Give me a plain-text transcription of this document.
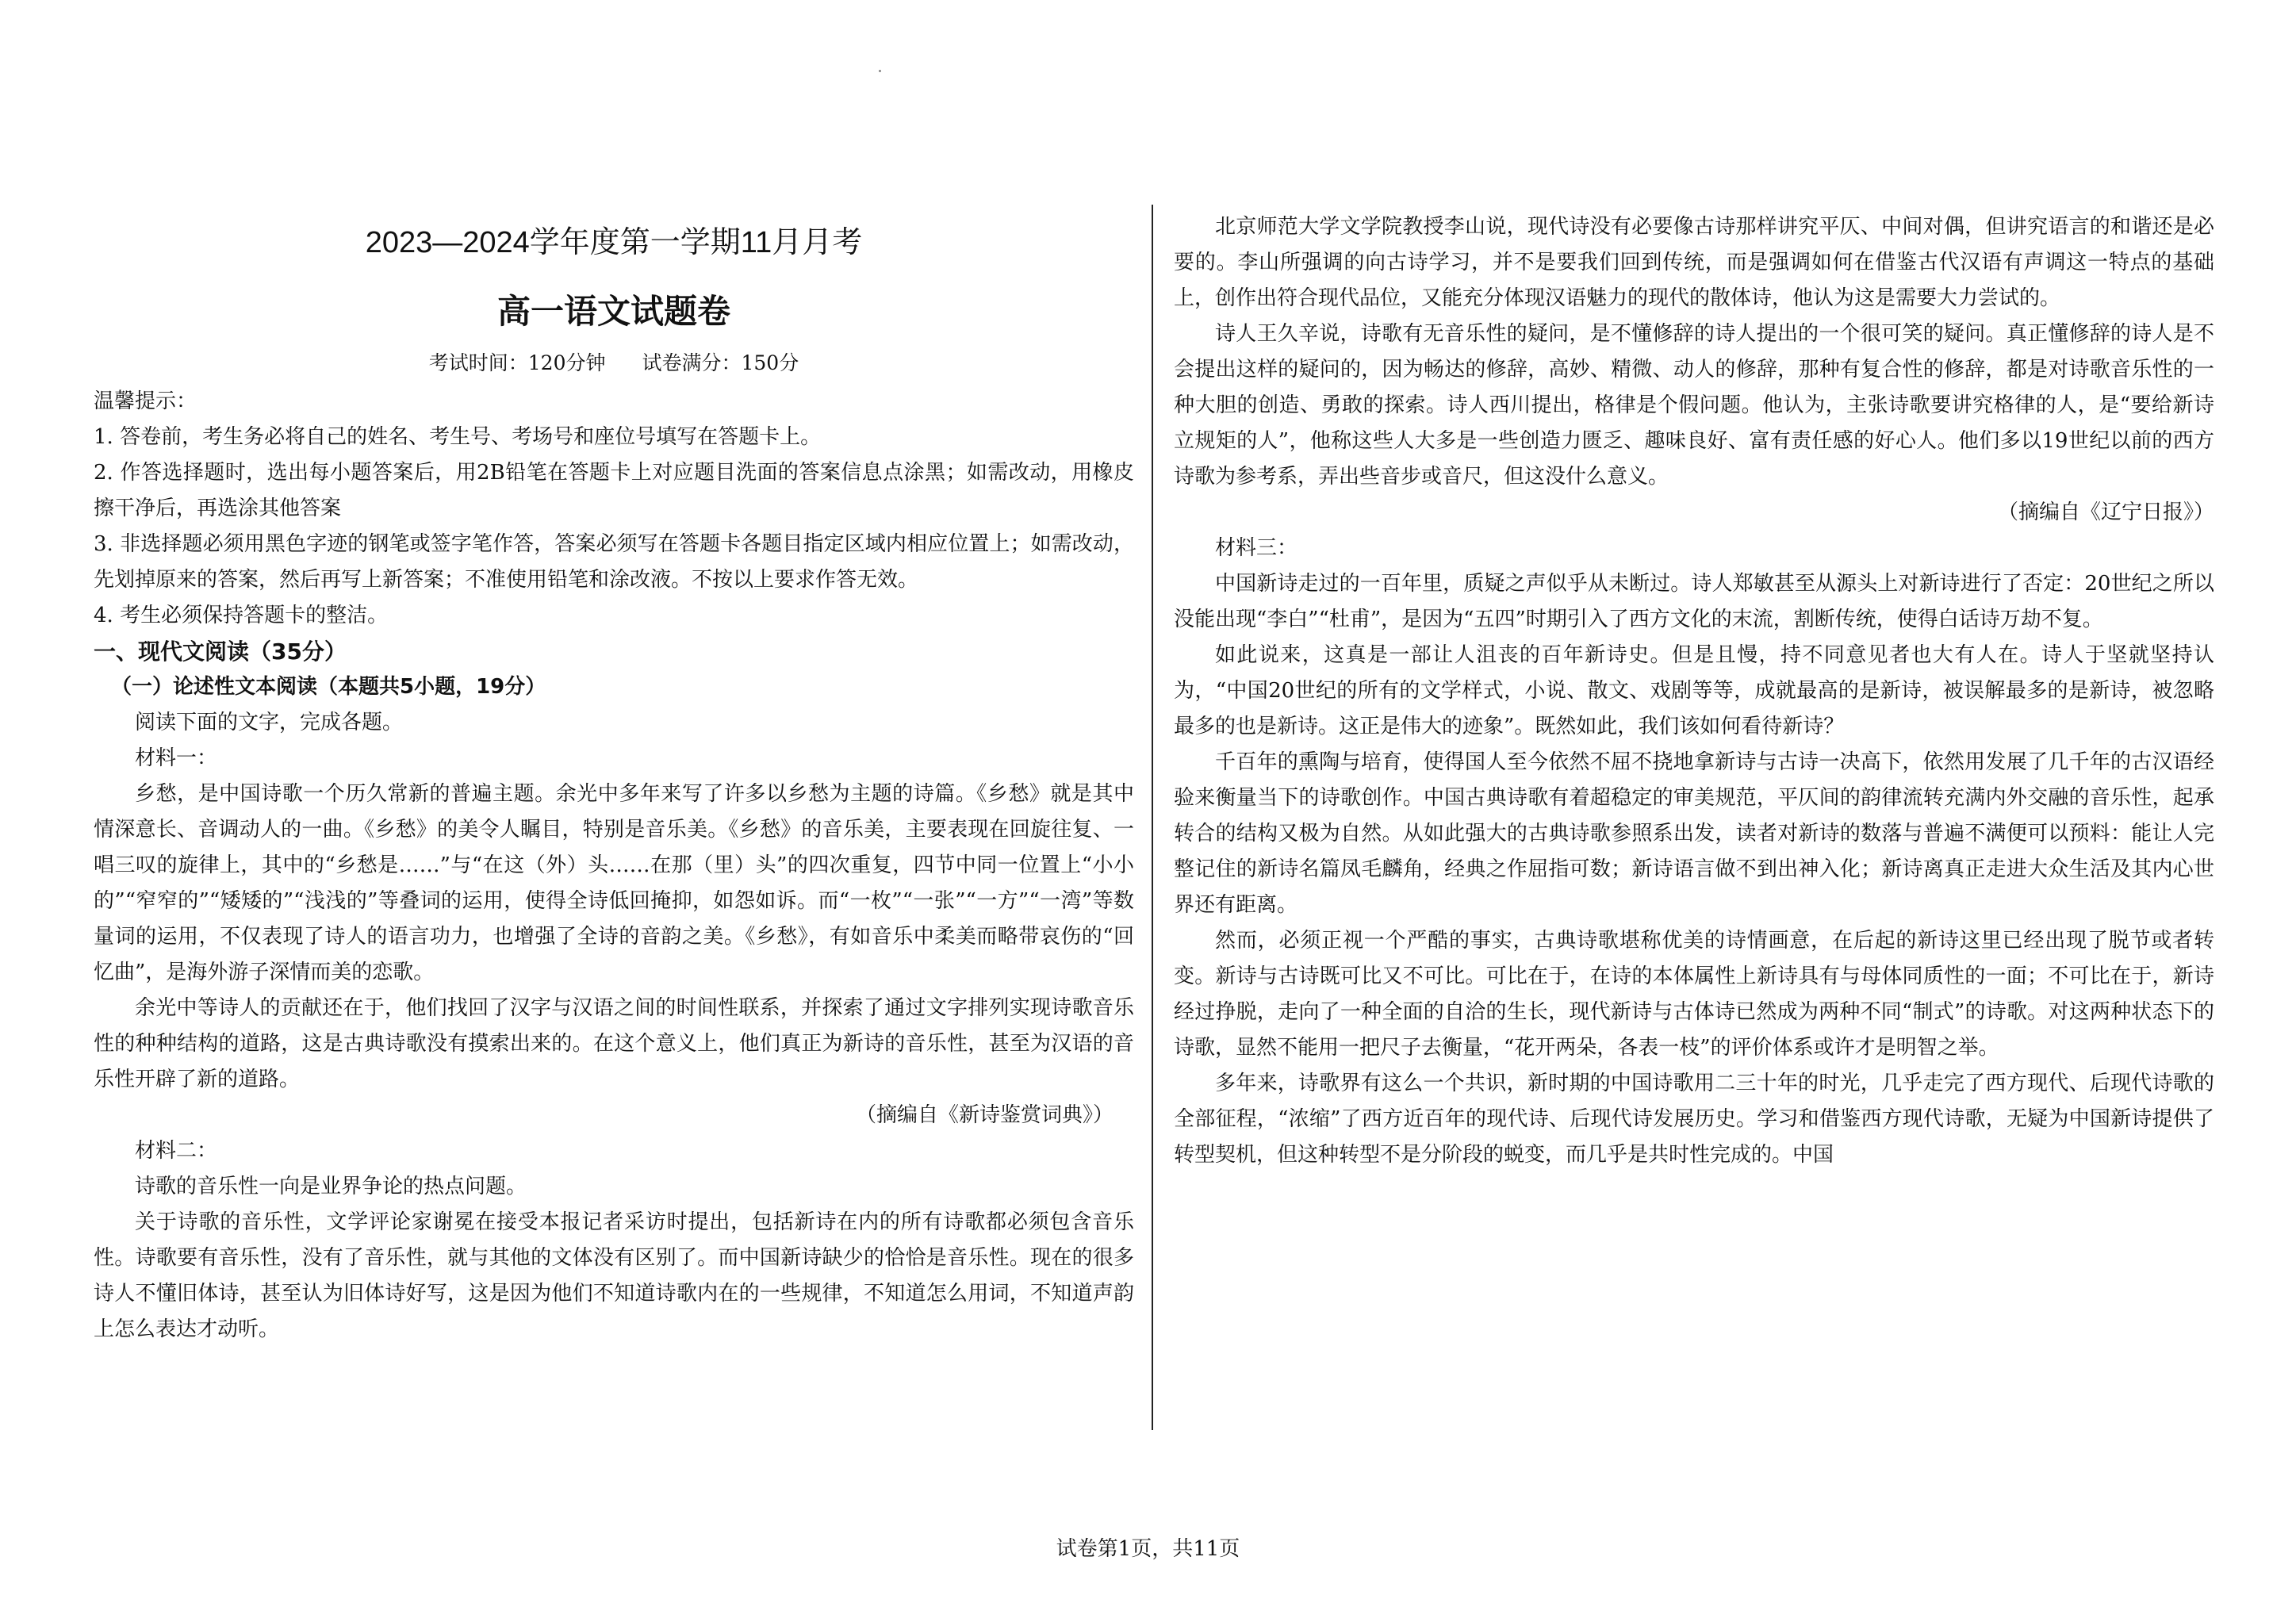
2023—2024学年度第一学期11月月考
高一语文试题卷
考试时间：120分钟 试卷满分：150分

温馨提示：

1. 答卷前，考生务必将自己的姓名、考生号、考场号和座位号填写在答题卡上。

2. 作答选择题时，选出每小题答案后，用2B铅笔在答题卡上对应题目洗面的答案信息点涂黑；如需改动，用橡皮擦干净后，再选涂其他答案

3. 非选择题必须用黑色字迹的钢笔或签字笔作答，答案必须写在答题卡各题目指定区域内相应位置上；如需改动，先划掉原来的答案，然后再写上新答案；不准使用铅笔和涂改液。不按以上要求作答无效。

4. 考生必须保持答题卡的整洁。

一、现代文阅读（35分）

（一）论述性文本阅读（本题共5小题，19分）

阅读下面的文字，完成各题。

材料一：

乡愁，是中国诗歌一个历久常新的普遍主题。余光中多年来写了许多以乡愁为主题的诗篇。《乡愁》就是其中情深意长、音调动人的一曲。《乡愁》的美令人瞩目，特别是音乐美。《乡愁》的音乐美，主要表现在回旋往复、一唱三叹的旋律上，其中的“乡愁是……”与“在这（外）头……在那（里）头”的四次重复，四节中同一位置上“小小的”“窄窄的”“矮矮的”“浅浅的”等叠词的运用，使得全诗低回掩抑，如怨如诉。而“一枚”“一张”“一方”“一湾”等数量词的运用，不仅表现了诗人的语言功力，也增强了全诗的音韵之美。《乡愁》，有如音乐中柔美而略带哀伤的“回忆曲”，是海外游子深情而美的恋歌。

余光中等诗人的贡献还在于，他们找回了汉字与汉语之间的时间性联系，并探索了通过文字排列实现诗歌音乐性的种种结构的道路，这是古典诗歌没有摸索出来的。在这个意义上，他们真正为新诗的音乐性，甚至为汉语的音乐性开辟了新的道路。

（摘编自《新诗鉴赏词典》）

材料二：

诗歌的音乐性一向是业界争论的热点问题。

关于诗歌的音乐性，文学评论家谢冕在接受本报记者采访时提出，包括新诗在内的所有诗歌都必须包含音乐性。诗歌要有音乐性，没有了音乐性，就与其他的文体没有区别了。而中国新诗缺少的恰恰是音乐性。现在的很多诗人不懂旧体诗，甚至认为旧体诗好写，这是因为他们不知道诗歌内在的一些规律，不知道怎么用词，不知道声韵上怎么表达才动听。

北京师范大学文学院教授李山说，现代诗没有必要像古诗那样讲究平仄、中间对偶，但讲究语言的和谐还是必要的。李山所强调的向古诗学习，并不是要我们回到传统，而是强调如何在借鉴古代汉语有声调这一特点的基础上，创作出符合现代品位，又能充分体现汉语魅力的现代的散体诗，他认为这是需要大力尝试的。

诗人王久辛说，诗歌有无音乐性的疑问，是不懂修辞的诗人提出的一个很可笑的疑问。真正懂修辞的诗人是不会提出这样的疑问的，因为畅达的修辞，高妙、精微、动人的修辞，那种有复合性的修辞，都是对诗歌音乐性的一种大胆的创造、勇敢的探索。诗人西川提出，格律是个假问题。他认为，主张诗歌要讲究格律的人，是“要给新诗立规矩的人”，他称这些人大多是一些创造力匮乏、趣味良好、富有责任感的好心人。他们多以19世纪以前的西方诗歌为参考系，弄出些音步或音尺，但这没什么意义。

（摘编自《辽宁日报》）

材料三：

中国新诗走过的一百年里，质疑之声似乎从未断过。诗人郑敏甚至从源头上对新诗进行了否定：20世纪之所以没能出现“李白”“杜甫”，是因为“五四”时期引入了西方文化的末流，割断传统，使得白话诗万劫不复。

如此说来，这真是一部让人沮丧的百年新诗史。但是且慢，持不同意见者也大有人在。诗人于坚就坚持认为，“中国20世纪的所有的文学样式，小说、散文、戏剧等等，成就最高的是新诗，被误解最多的是新诗，被忽略最多的也是新诗。这正是伟大的迹象”。既然如此，我们该如何看待新诗？

千百年的熏陶与培育，使得国人至今依然不屈不挠地拿新诗与古诗一决高下，依然用发展了几千年的古汉语经验来衡量当下的诗歌创作。中国古典诗歌有着超稳定的审美规范，平仄间的韵律流转充满内外交融的音乐性，起承转合的结构又极为自然。从如此强大的古典诗歌参照系出发，读者对新诗的数落与普遍不满便可以预料：能让人完整记住的新诗名篇凤毛麟角，经典之作屈指可数；新诗语言做不到出神入化；新诗离真正走进大众生活及其内心世界还有距离。

然而，必须正视一个严酷的事实，古典诗歌堪称优美的诗情画意，在后起的新诗这里已经出现了脱节或者转变。新诗与古诗既可比又不可比。可比在于，在诗的本体属性上新诗具有与母体同质性的一面；不可比在于，新诗经过挣脱，走向了一种全面的自洽的生长，现代新诗与古体诗已然成为两种不同“制式”的诗歌。对这两种状态下的诗歌，显然不能用一把尺子去衡量，“花开两朵，各表一枝”的评价体系或许才是明智之举。

多年来，诗歌界有这么一个共识，新时期的中国诗歌用二三十年的时光，几乎走完了西方现代、后现代诗歌的全部征程，“浓缩”了西方近百年的现代诗、后现代诗发展历史。学习和借鉴西方现代诗歌，无疑为中国新诗提供了转型契机，但这种转型不是分阶段的蜕变，而几乎是共时性完成的。中国

试卷第1页，共11页
